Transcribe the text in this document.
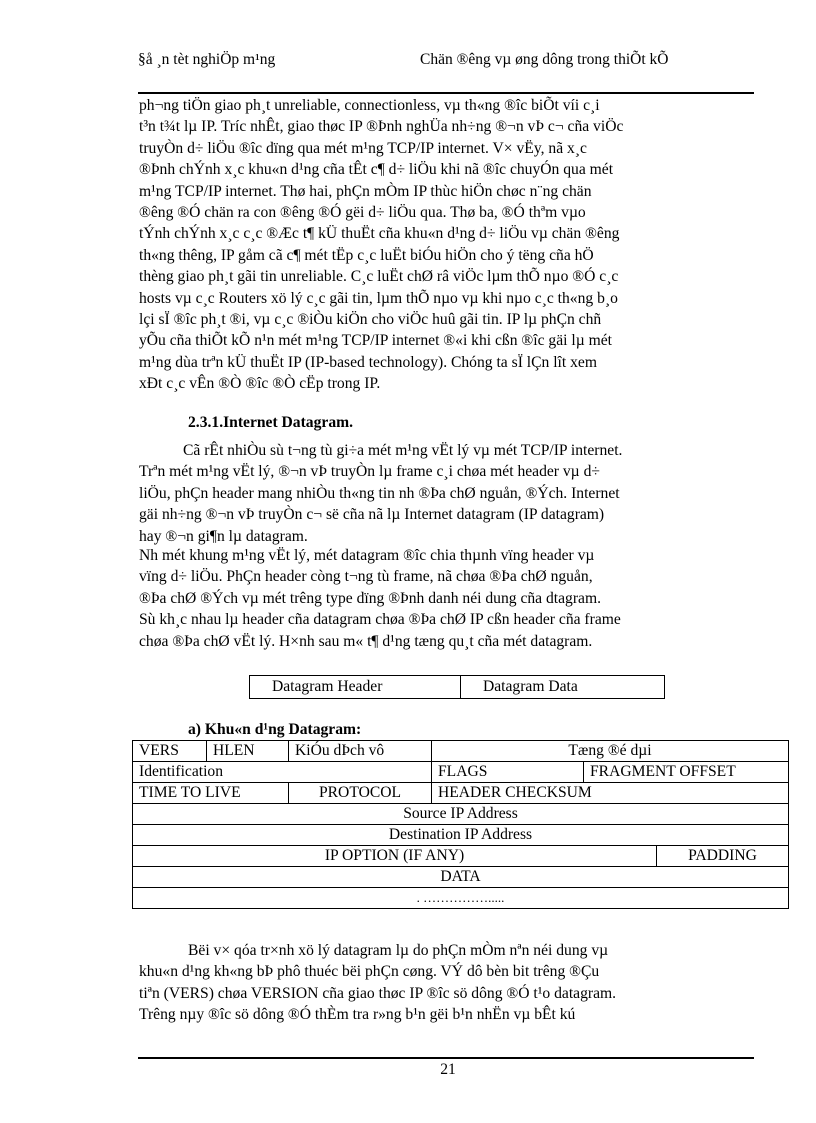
§å ¸n tèt nghiÖp m¹ng	Chän ®êng vµ øng dông trong thiÕt kÕ
ph¬ng tiÖn giao ph¸t unreliable, connectionless, vµ th«ng ®îc biÕt víi c¸i
t³n t¾t lµ IP. Tríc nhÊt, giao thøc IP ®Þnh nghÜa nh÷ng ®¬n vÞ c¬ cña viÖc
truyÒn d÷ liÖu ®îc dïng qua mét m¹ng TCP/IP internet. V× vËy, nã x¸c
®Þnh chÝnh x¸c khu«n d¹ng cña tÊt c¶ d÷ liÖu khi nã ®îc chuyÓn qua mét
m¹ng TCP/IP internet. Thø hai, phÇn mÒm IP thùc hiÖn chøc n¨ng chän
®êng ®Ó chän ra con ®êng ®Ó gëi d÷ liÖu qua. Thø ba, ®Ó thªm vµo
tÝnh chÝnh x¸c c¸c ®Æc t¶ kÜ thuËt cña khu«n d¹ng d÷ liÖu vµ chän ®êng
th«ng thêng, IP gåm cã c¶ mét tËp c¸c luËt biÓu hiÖn cho ý tëng cña hÖ
thèng giao ph¸t gãi tin unreliable. C¸c luËt chØ râ viÖc lµm thÕ nµo ®Ó c¸c
hosts vµ c¸c Routers xö lý c¸c gãi tin, lµm thÕ nµo vµ khi nµo c¸c th«ng b¸o
lçi sÏ ®îc ph¸t ®i, vµ c¸c ®iÒu kiÖn cho viÖc huû gãi tin. IP lµ phÇn chñ
yÕu cña thiÕt kÕ n¹n mét m¹ng TCP/IP internet ®«i khi cßn ®îc gäi lµ mét
m¹ng dùa trªn kÜ thuËt IP (IP-based technology). Chóng ta sÏ lÇn lît xem
xÐt c¸c vÊn ®Ò ®îc ®Ò cËp trong IP.
2.3.1.Internet Datagram.
Cã rÊt nhiÒu sù t¬ng tù gi÷a mét m¹ng vËt lý vµ mét TCP/IP internet.
Trªn mét m¹ng vËt lý, ®¬n vÞ truyÒn lµ frame c¸i chøa mét header vµ d÷
liÖu, phÇn header mang nhiÒu th«ng tin nh ®Þa chØ nguån, ®Ých. Internet
gäi nh÷ng ®¬n vÞ truyÒn c¬ së cña nã lµ Internet datagram (IP datagram)
hay ®¬n gi¶n lµ datagram.
Nh mét khung m¹ng vËt lý, mét datagram ®îc chia thµnh vïng header vµ
vïng d÷ liÖu. PhÇn header còng t¬ng tù frame, nã chøa ®Þa chØ nguån,
®Þa chØ ®Ých vµ mét trêng type dïng ®Þnh danh néi dung cña dtagram.
Sù kh¸c nhau lµ header cña datagram chøa ®Þa chØ IP cßn header cña frame
chøa ®Þa chØ vËt lý. H×nh sau m« t¶ d¹ng tæng qu¸t cña mét datagram.
Datagram Header	Datagram Data
a) Khu«n d¹ng Datagram:
VERS	HLEN	KiÓu dÞch vô	Tæng ®é dµi		
Identification			FLAGS	FRAGMENT OFFSET	
TIME TO LIVE		PROTOCOL	HEADER CHECKSUM		
Source IP Address					
Destination IP Address					
IP OPTION (IF ANY)					PADDING
DATA					
. …………….....					
Bëi v× qóa tr×nh xö lý datagram lµ do phÇn mÒm nªn néi dung vµ
khu«n d¹ng kh«ng bÞ phô thuéc bëi phÇn cøng. VÝ dô bèn bit trêng ®Çu
tiªn (VERS) chøa VERSION cña giao thøc IP ®îc sö dông ®Ó t¹o datagram.
Trêng nµy ®îc sö dông ®Ó thÈm tra r»ng b¹n gëi b¹n nhËn vµ bÊt kú
21
